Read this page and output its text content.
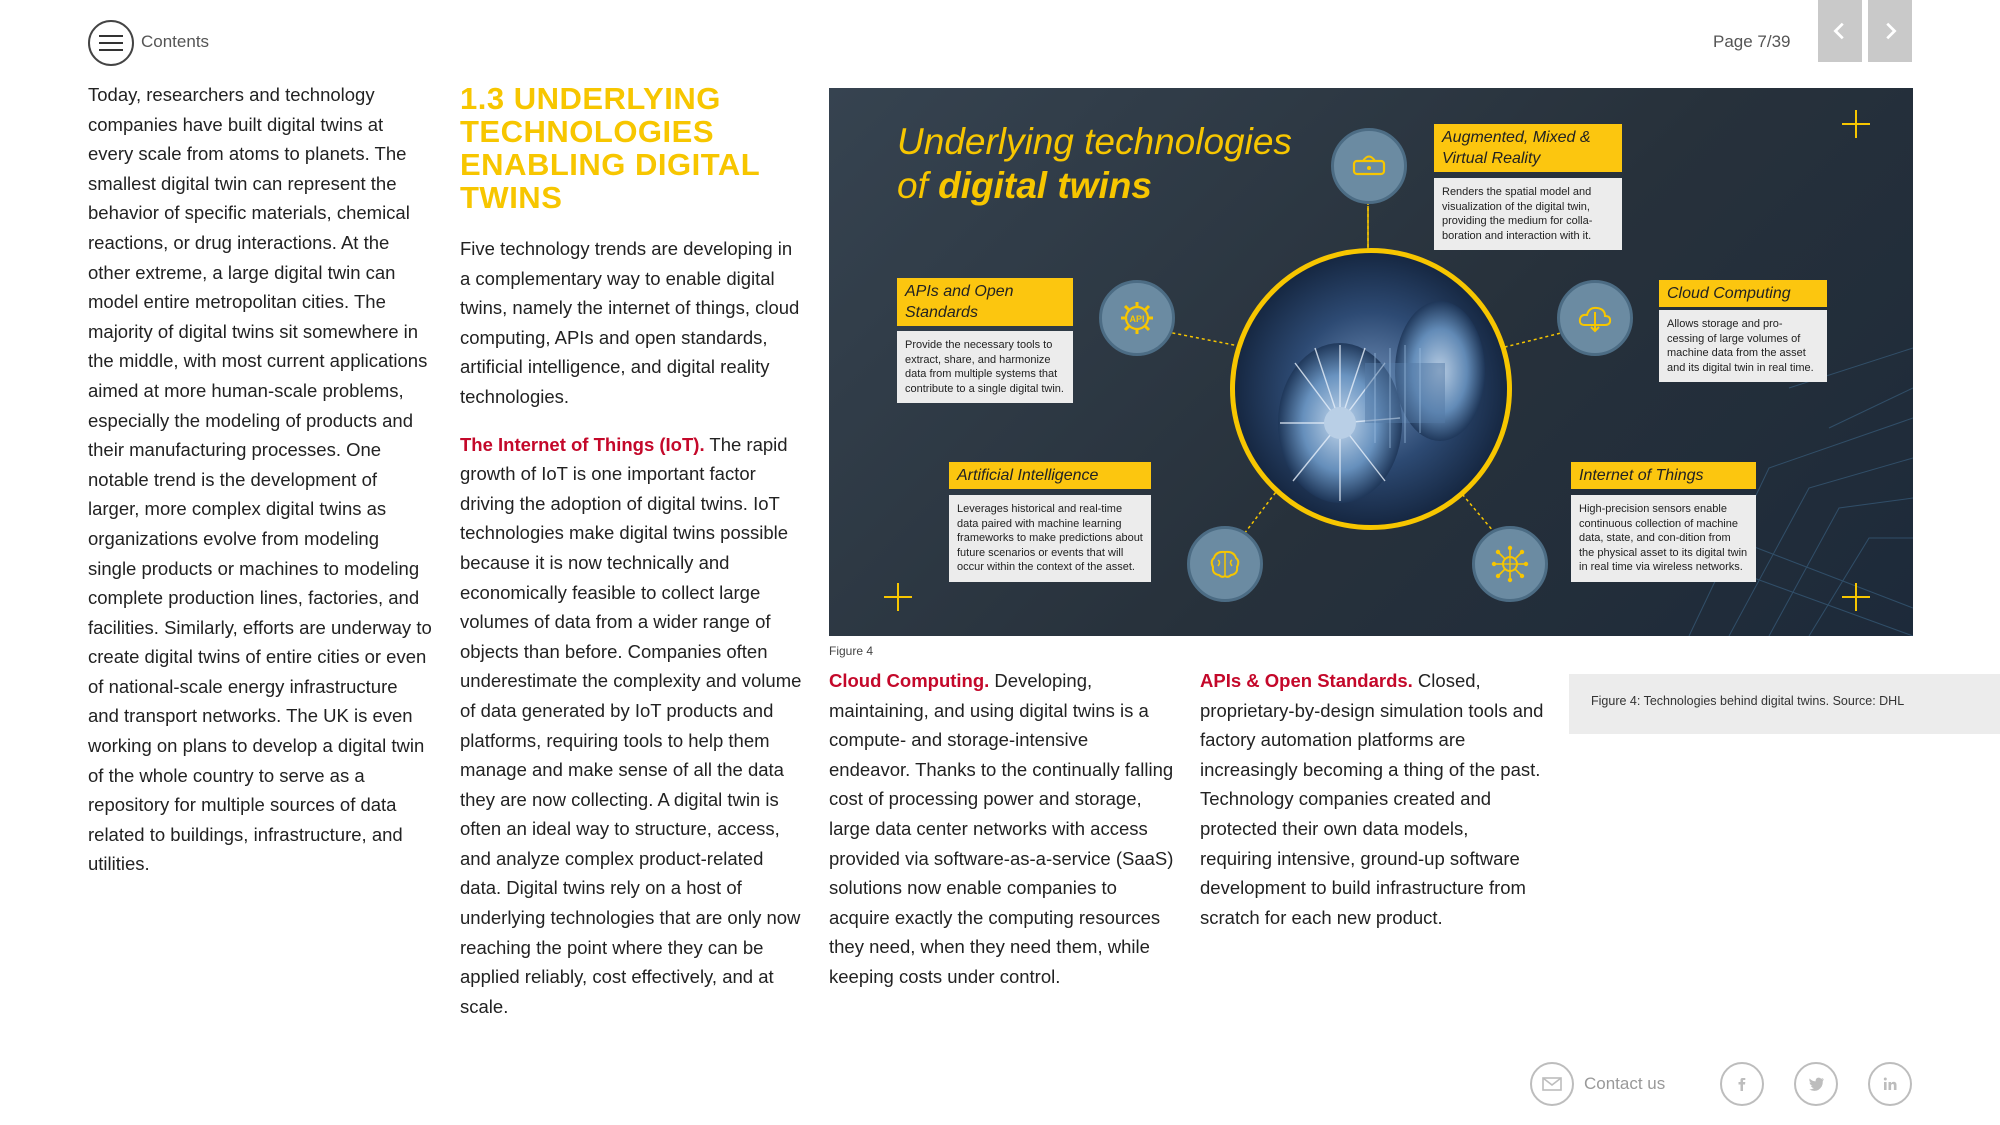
Contents	Page 7/39

Today, researchers and technology companies have built digital twins at every scale from atoms to planets. The smallest digital twin can represent the behavior of specific materials, chemical reactions, or drug interactions. At the other extreme, a large digital twin can model entire metropolitan cities. The majority of digital twins sit somewhere in the middle, with most current applications aimed at more human-scale problems, especially the modeling of products and their manufacturing processes. One notable trend is the development of larger, more complex digital twins as organizations evolve from modeling single products or machines to modeling complete production lines, factories, and facilities. Similarly, efforts are underway to create digital twins of entire cities or even of national-scale energy infrastructure and transport networks. The UK is even working on plans to develop a digital twin of the whole country to serve as a repository for multiple sources of data related to buildings, infrastructure, and utilities.

1.3 UNDERLYING TECHNOLOGIES ENABLING DIGITAL TWINS

Five technology trends are developing in a complementary way to enable digital twins, namely the internet of things, cloud computing, APIs and open standards, artificial intelligence, and digital reality technologies.

The Internet of Things (IoT). The rapid growth of IoT is one important factor driving the adoption of digital twins. IoT technologies make digital twins possible because it is now technically and economically feasible to collect large volumes of data from a wider range of objects than before. Companies often underestimate the complexity and volume of data generated by IoT products and platforms, requiring tools to help them manage and make sense of all the data they are now collecting. A digital twin is often an ideal way to structure, access, and analyze complex product-related data. Digital twins rely on a host of underlying technologies that are only now reaching the point where they can be applied reliably, cost effectively, and at scale.

Underlying technologies
of digital twins
Augmented, Mixed & Virtual Reality
Renders the spatial model and visualization of the digital twin, providing the medium for colla-boration and interaction with it.
API
APIs and Open Standards
Provide the necessary tools to extract, share, and harmonize data from multiple systems that contribute to a single digital twin.
Cloud Computing
Allows storage and pro-cessing of large volumes of machine data from the asset and its digital twin in real time.
Artificial Intelligence
Leverages historical and real-time data paired with machine learning frameworks to make predictions about future scenarios or events that will occur within the context of the asset.
Internet of Things
High-precision sensors enable continuous collection of machine data, state, and con-dition from the physical asset to its digital twin in real time via wireless networks.
Figure 4
Figure 4: Technologies behind digital twins. Source: DHL

Cloud Computing. Developing, maintaining, and using digital twins is a compute- and storage-intensive endeavor. Thanks to the continually falling cost of processing power and storage, large data center networks with access provided via software-as-a-service (SaaS) solutions now enable companies to acquire exactly the computing resources they need, when they need them, while keeping costs under control.

APIs & Open Standards. Closed, proprietary-by-design simulation tools and factory automation platforms are increasingly becoming a thing of the past. Technology companies created and protected their own data models, requiring intensive, ground-up software development to build infrastructure from scratch for each new product.

Contact us
